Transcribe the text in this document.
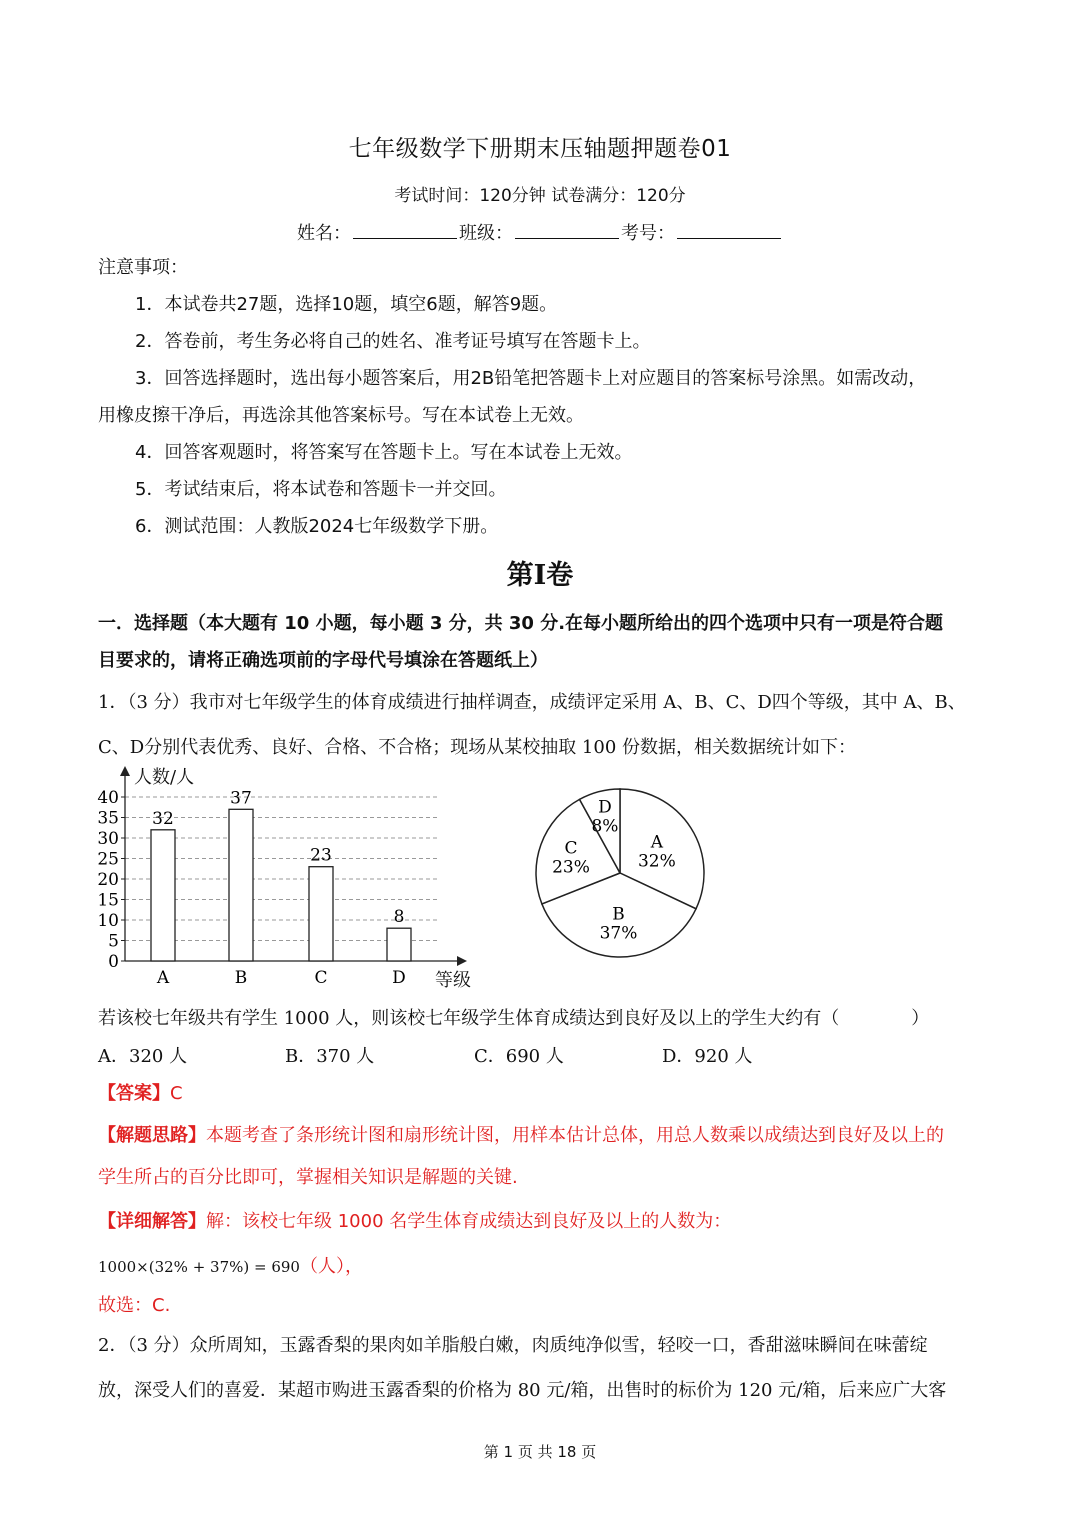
七年级数学下册期末压轴题押题卷01
考试时间：120分钟 试卷满分：120分
姓名：	班级：	考号：
注意事项：
1．本试卷共27题，选择10题，填空6题，解答9题。
2．答卷前，考生务必将自己的姓名、准考证号填写在答题卡上。
3．回答选择题时，选出每小题答案后，用2B铅笔把答题卡上对应题目的答案标号涂黑。如需改动，
用橡皮擦干净后，再选涂其他答案标号。写在本试卷上无效。
4．回答客观题时，将答案写在答题卡上。写在本试卷上无效。
5．考试结束后，将本试卷和答题卡一并交回。
6．测试范围：人教版2024七年级数学下册。
第I卷
一．选择题（本大题有 10 小题，每小题 3 分，共 30 分.在每小题所给出的四个选项中只有一项是符合题
目要求的，请将正确选项前的字母代号填涂在答题纸上）
1．（3 分）我市对七年级学生的体育成绩进行抽样调查，成绩评定采用 A、B、C、D四个等级，其中 A、B、
C、D分别代表优秀、良好、合格、不合格；现场从某校抽取 100 份数据，相关数据统计如下：
人数/人
等级
0
5
10
15
20
25
30
35
40
32
A
37
B
23
C
8
D
A
32%
B
37%
C
23%
D
8%
若该校七年级共有学生 1000 人，则该校七年级学生体育成绩达到良好及以上的学生大约有（　　　　）
A．320 人	B．370 人	C．690 人	D．920 人
【答案】C
【解题思路】本题考查了条形统计图和扇形统计图，用样本估计总体，用总人数乘以成绩达到良好及以上的
学生所占的百分比即可，掌握相关知识是解题的关键.
【详细解答】解：该校七年级 1000 名学生体育成绩达到良好及以上的人数为：
1000×(32% + 37%) = 690（人），
故选：C.
2．（3 分）众所周知，玉露香梨的果肉如羊脂般白嫩，肉质纯净似雪，轻咬一口，香甜滋味瞬间在味蕾绽
放，深受人们的喜爱．某超市购进玉露香梨的价格为 80 元/箱，出售时的标价为 120 元/箱，后来应广大客
第 1 页 共 18 页
